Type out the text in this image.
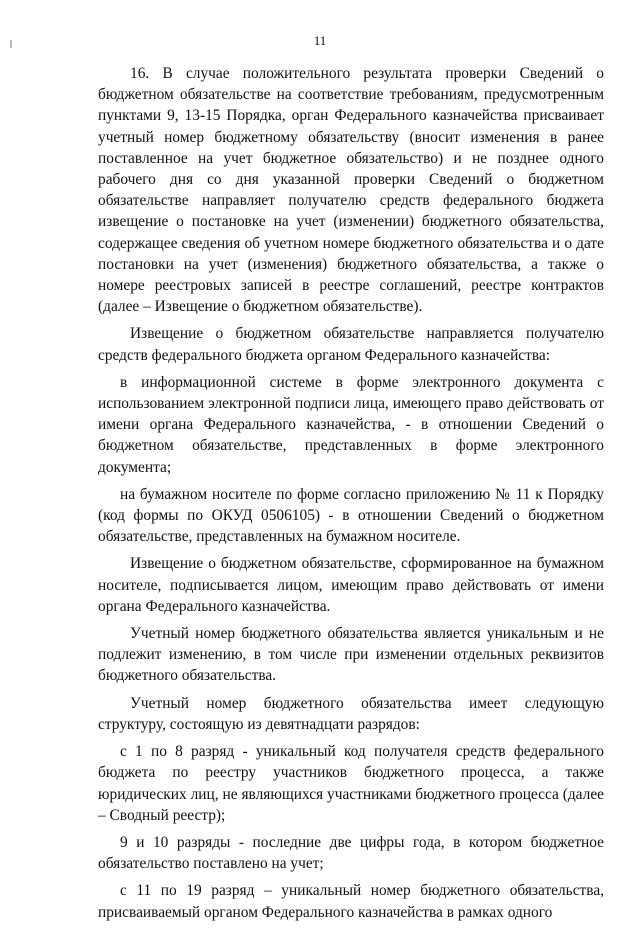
11

16. В случае положительного результата проверки Сведений о бюджетном обязательстве на соответствие требованиям, предусмотренным пунктами 9, 13-15 Порядка, орган Федерального казначейства присваивает учетный номер бюджетному обязательству (вносит изменения в ранее поставленное на учет бюджетное обязательство) и не позднее одного рабочего дня со дня указанной проверки Сведений о бюджетном обязательстве направляет получателю средств федерального бюджета извещение о постановке на учет (изменении) бюджетного обязательства, содержащее сведения об учетном номере бюджетного обязательства и о дате постановки на учет (изменения) бюджетного обязательства, а также о номере реестровых записей в реестре соглашений, реестре контрактов (далее – Извещение о бюджетном обязательстве).

Извещение о бюджетном обязательстве направляется получателю средств федерального бюджета органом Федерального казначейства:

в информационной системе в форме электронного документа с использованием электронной подписи лица, имеющего право действовать от имени органа Федерального казначейства, - в отношении Сведений о бюджетном обязательстве, представленных в форме электронного документа;

на бумажном носителе по форме согласно приложению № 11 к Порядку (код формы по ОКУД 0506105) - в отношении Сведений о бюджетном обязательстве, представленных на бумажном носителе.

Извещение о бюджетном обязательстве, сформированное на бумажном носителе, подписывается лицом, имеющим право действовать от имени органа Федерального казначейства.

Учетный номер бюджетного обязательства является уникальным и не подлежит изменению, в том числе при изменении отдельных реквизитов бюджетного обязательства.

Учетный номер бюджетного обязательства имеет следующую структуру, состоящую из девятнадцати разрядов:

с 1 по 8 разряд - уникальный код получателя средств федерального бюджета по реестру участников бюджетного процесса, а также юридических лиц, не являющихся участниками бюджетного процесса (далее – Сводный реестр);

9 и 10 разряды - последние две цифры года, в котором бюджетное обязательство поставлено на учет;

с 11 по 19 разряд – уникальный номер бюджетного обязательства, присваиваемый органом Федерального казначейства в рамках одного
